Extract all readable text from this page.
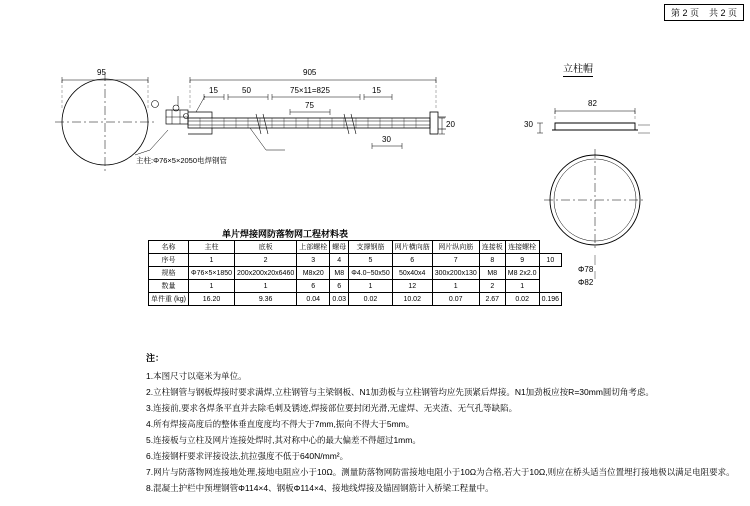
第 2 页 共 2 页
95	905
15	50	75×11=825	15
75
30
20
主柱:Φ76×5×2050电焊钢管
立柱帽
82
30
Φ78
Φ82
单片焊接网防落物网工程材料表
名称	主柱	底板	上部螺栓	螺母	支撑钢筋	网片横向筋	网片纵向筋	连接板	连接螺栓	
序号	1	2	3	4	5	6	7	8	9	10
规格	Φ76×5×1850	200x200x20x6460	M8x20	M8	Φ4.0~50x50	50x40x4	300x200x130	M8	M8 2x2.0	
数量	1	1	6	6	1	12	1	2	1	
单件重 (kg)	16.20	9.36	0.04	0.03	0.02	10.02	0.07	2.67	0.02	0.196
注：
1.本图尺寸以毫米为单位。
2.立柱钢管与钢板焊接时要求满焊,立柱钢管与主梁钢板、N1加劲板与立柱钢管均应先顶紧后焊接。N1加劲板应按R=30mm圆切角考虑。
3.连接前,要求各焊条平直并去除毛刺及锈迹,焊接部位要封闭光滑,无虚焊、无夹渣、无气孔等缺陷。
4.所有焊接高度后的整体垂直度度均不得大于7mm,振向不得大于5mm。
5.连接板与立柱及网片连接处焊时,其对称中心的最大偏差不得超过1mm。
6.连接钢杆要求评接设法,抗拉强度不低于640N/mm²。
7.网片与防落物网连接地处理,接地电阻应小于10Ω。测量防落物网防雷接地电阻小于10Ω为合格,若大于10Ω,则应在桥头适当位置埋打接地极以满足电阻要求。
8.混凝土护栏中预埋钢管Φ114×4、钢板Φ114×4、接地线焊接及锚固钢筋计入桥梁工程量中。
